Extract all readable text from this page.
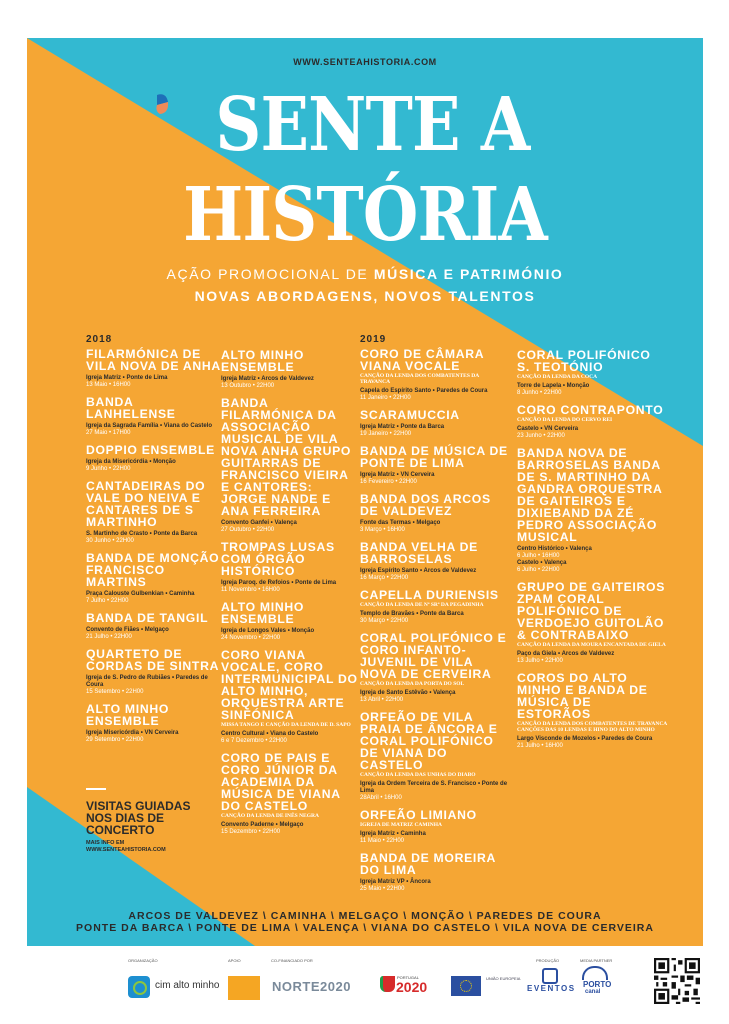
WWW.SENTEAHISTORIA.COM
SENTE A
HISTÓRIA
AÇÃO PROMOCIONAL DE MÚSICA E PATRIMÓNIO
NOVAS ABORDAGENS, NOVOS TALENTOS
2018
FILARMÓNICA DE VILA NOVA DE ANHA
Igreja Matriz • Ponte de Lima
13 Maio • 16H00
BANDA LANHELENSE
Igreja da Sagrada Família • Viana do Castelo
27 Maio • 17H00
DOPPIO ENSEMBLE
Igreja da Misericórdia • Monção
9 Junho • 22H00
CANTADEIRAS DO VALE DO NEIVA E CANTARES DE S MARTINHO
S. Martinho de Crasto • Ponte da Barca
30 Junho • 22H00
BANDA DE MONÇÃO FRANCISCO MARTINS
Praça Calouste Gulbenkian • Caminha
7 Julho • 22H00
BANDA DE TANGIL
Convento de Fiães • Melgaço
21 Julho • 22H00
QUARTETO DE CORDAS DE SINTRA
Igreja de S. Pedro de Rubiães • Paredes de Coura
15 Setembro • 22H00
ALTO MINHO ENSEMBLE
Igreja Misericórdia • VN Cerveira
29 Setembro • 22H00
ALTO MINHO ENSEMBLE
Igreja Matriz • Arcos de Valdevez
13 Outubro • 22H00
BANDA FILARMÓNICA DA ASSOCIAÇÃO MUSICAL DE VILA NOVA ANHA GRUPO GUITARRAS DE FRANCISCO VIEIRA E CANTORES: JORGE NANDE E ANA FERREIRA
Convento Ganfei • Valença
27 Outubro • 22H00
TROMPAS LUSAS COM ÓRGÃO HISTÓRICO
Igreja Paroq. de Refoios • Ponte de Lima
11 Novembro • 16H00
ALTO MINHO ENSEMBLE
Igreja de Longos Vales • Monção
24 Novembro • 22H00
CORO VIANA VOCALE, CORO INTERMUNICIPAL DO ALTO MINHO, ORQUESTRA ARTE SINFÓNICA
MISSA TANGO E CANÇÃO DA LENDA DE D. SAPO
Centro Cultural • Viana do Castelo
6 e 7 Dezembro • 22H00
CORO DE PAIS E CORO JÚNIOR DA ACADEMIA DA MÚSICA DE VIANA DO CASTELO
CANÇÃO DA LENDA DE INÊS NEGRA
Convento Paderne • Melgaço
15 Dezembro • 22H00
2019
CORO DE CÂMARA VIANA VOCALE
CANÇÃO DA LENDA DOS COMBATENTES DA TRAVANCA
Capela do Espírito Santo • Paredes de Coura
11 Janeiro • 22H00
SCARAMUCCIA
Igreja Matriz • Ponte da Barca
19 Janeiro • 22H00
BANDA DE MÚSICA DE PONTE DE LIMA
Igreja Matriz • VN Cerveira
16 Fevereiro • 22H00
BANDA DOS ARCOS DE VALDEVEZ
Fonte das Termas • Melgaço
3 Março • 16H00
BANDA VELHA DE BARROSELAS
Igreja Espírito Santo • Arcos de Valdevez
16 Março • 22H00
CAPELLA DURIENSIS
CANÇÃO DA LENDA DE Nª SRª DA PEGADINHA
Templo de Bravães • Ponte da Barca
30 Março • 22H00
CORAL POLIFÓNICO E CORO INFANTO-JUVENIL DE VILA NOVA DE CERVEIRA
CANÇÃO DA LENDA DA PORTA DO SOL
Igreja de Santo Estêvão • Valença
13 Abril • 22H00
ORFEÃO DE VILA PRAIA DE ÂNCORA E CORAL POLIFÓNICO DE VIANA DO CASTELO
CANÇÃO DA LENDA DAS UNHAS DO DIABO
Igreja da Ordem Terceira de S. Francisco • Ponte de Lima
28Abril • 16H00
ORFEÃO LIMIANO
IGREJA DE MATRIZ CAMINHA
Igreja Matriz • Caminha
11 Maio • 22H00
BANDA DE MOREIRA DO LIMA
Igreja Matriz VP • Âncora
25 Maio • 22H00
CORAL POLIFÓNICO S. TEOTÓNIO
CANÇÃO DA LENDA DA COCA
Torre de Lapela • Monção
8 Junho • 22H00
CORO CONTRAPONTO
CANÇÃO DA LENDA DO CERVO REI
Castelo • VN Cerveira
23 Junho • 22H00
BANDA NOVA DE BARROSELAS BANDA DE S. MARTINHO DA GANDRA ORQUESTRA DE GAITEIROS E DIXIEBAND DA ZÉ PEDRO ASSOCIAÇÃO MUSICAL
Centro Histórico • Valença
6 Julho • 16H00
Castelo • Valença
6 Julho • 22H00
GRUPO DE GAITEIROS ZPAM CORAL POLIFÓNICO DE VERDOEJO GUITOLÃO & CONTRABAIXO
CANÇÃO DA LENDA DA MOURA ENCANTADA DE GIELA
Paço da Giela • Arcos de Valdevez
13 Julho • 22H00
COROS DO ALTO MINHO E BANDA DE MÚSICA DE ESTORÃOS
CANÇÃO DA LENDA DOS COMBATENTES DE TRAVANCA CANÇÕES DAS 10 LENDAS E HINO DO ALTO MINHO
Largo Visconde de Mozelos • Paredes de Coura
21 Julho • 16H00
VISITAS GUIADAS NOS DIAS DE CONCERTO
MAIS INFO EM
WWW.SENTEAHISTORIA.COM
ARCOS DE VALDEVEZ \ CAMINHA \ MELGAÇO \ MONÇÃO \ PAREDES DE COURA
PONTE DA BARCA \ PONTE DE LIMA \ VALENÇA \ VIANA DO CASTELO \ VILA NOVA DE CERVEIRA
ORGANIZAÇÃO
cim alto minho
APOIO	CO-FINANCIADO POR
NORTE2020
PORTUGAL
2020
UNIÃO EUROPEIA
PRODUÇÃO
EVENTOS
MEDIA PARTNER
PORTO
canal
